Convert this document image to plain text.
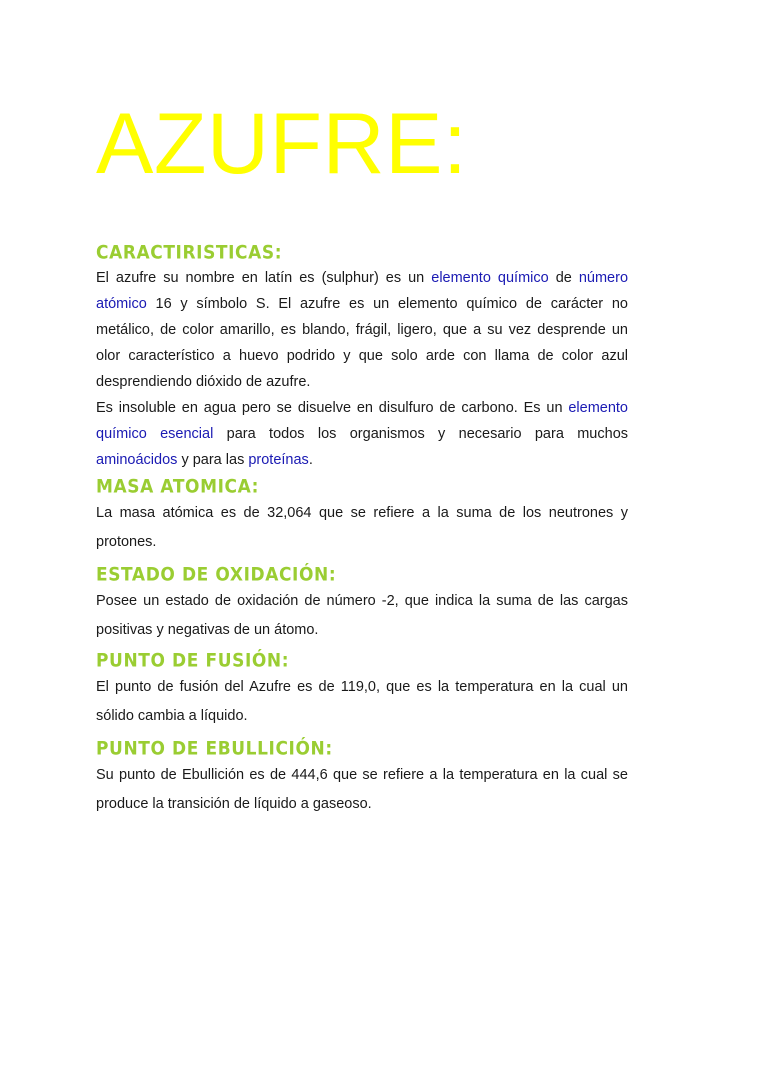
AZUFRE:
CARACTIRISTICAS:

El azufre su nombre en latín es (sulphur) es un elemento químico de número atómico 16 y símbolo S. El azufre es un elemento químico de carácter no metálico, de color amarillo, es blando, frágil, ligero, que a su vez desprende un olor característico a huevo podrido y que solo arde con llama de color azul desprendiendo dióxido de azufre.

Es insoluble en agua pero se disuelve en disulfuro de carbono. Es un elemento químico esencial para todos los organismos y necesario para muchos aminoácidos y para las proteínas.

MASA ATOMICA:

La masa atómica es de 32,064 que se refiere a la suma de los neutrones y protones.

ESTADO DE OXIDACIÓN:

Posee un estado de oxidación de número -2, que indica la suma de las cargas positivas y negativas de un átomo.

PUNTO DE FUSIÓN:

El punto de fusión del Azufre es de 119,0, que es la temperatura en la cual un sólido cambia a líquido.

PUNTO DE EBULLICIÓN:

Su punto de Ebullición es de 444,6 que se refiere a la temperatura en la cual se produce la transición de líquido a gaseoso.
